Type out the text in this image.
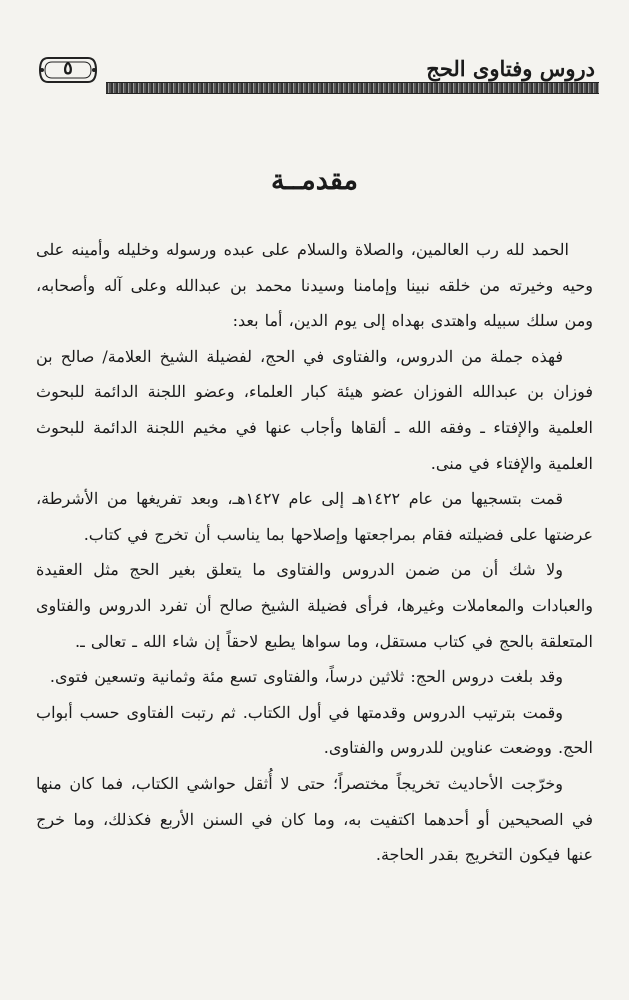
دروس وفتاوى الحج
٥
مقدمــة

الحمد لله رب العالمين، والصلاة والسلام على عبده ورسوله وخليله وأمينه على وحيه وخيرته من خلقه نبينا وإمامنا وسيدنا محمد بن عبدالله وعلى آله وأصحابه، ومن سلك سبيله واهتدى بهداه إلى يوم الدين، أما بعد:

فهذه جملة من الدروس، والفتاوى في الحج، لفضيلة الشيخ العلامة/ صالح بن فوزان بن عبدالله الفوزان عضو هيئة كبار العلماء، وعضو اللجنة الدائمة للبحوث العلمية والإفتاء ـ وفقه الله ـ ألقاها وأجاب عنها في مخيم اللجنة الدائمة للبحوث العلمية والإفتاء في منى.

قمت بتسجيها من عام ١٤٢٢هـ إلى عام ١٤٢٧هـ، وبعد تفريغها من الأشرطة، عرضتها على فضيلته فقام بمراجعتها وإصلاحها بما يناسب أن تخرج في كتاب.

ولا شك أن من ضمن الدروس والفتاوى ما يتعلق بغير الحج مثل العقيدة والعبادات والمعاملات وغيرها، فرأى فضيلة الشيخ صالح أن تفرد الدروس والفتاوى المتعلقة بالحج في كتاب مستقل، وما سواها يطبع لاحقاً إن شاء الله ـ تعالى ـ.

وقد بلغت دروس الحج: ثلاثين درساً، والفتاوى تسع مئة وثمانية وتسعين فتوى.

وقمت بترتيب الدروس وقدمتها في أول الكتاب. ثم رتبت الفتاوى حسب أبواب الحج. ووضعت عناوين للدروس والفتاوى.

وخرّجت الأحاديث تخريجاً مختصراً؛ حتى لا أُثقل حواشي الكتاب، فما كان منها في الصحيحين أو أحدهما اكتفيت به، وما كان في السنن الأربع فكذلك، وما خرج عنها فيكون التخريج بقدر الحاجة.
